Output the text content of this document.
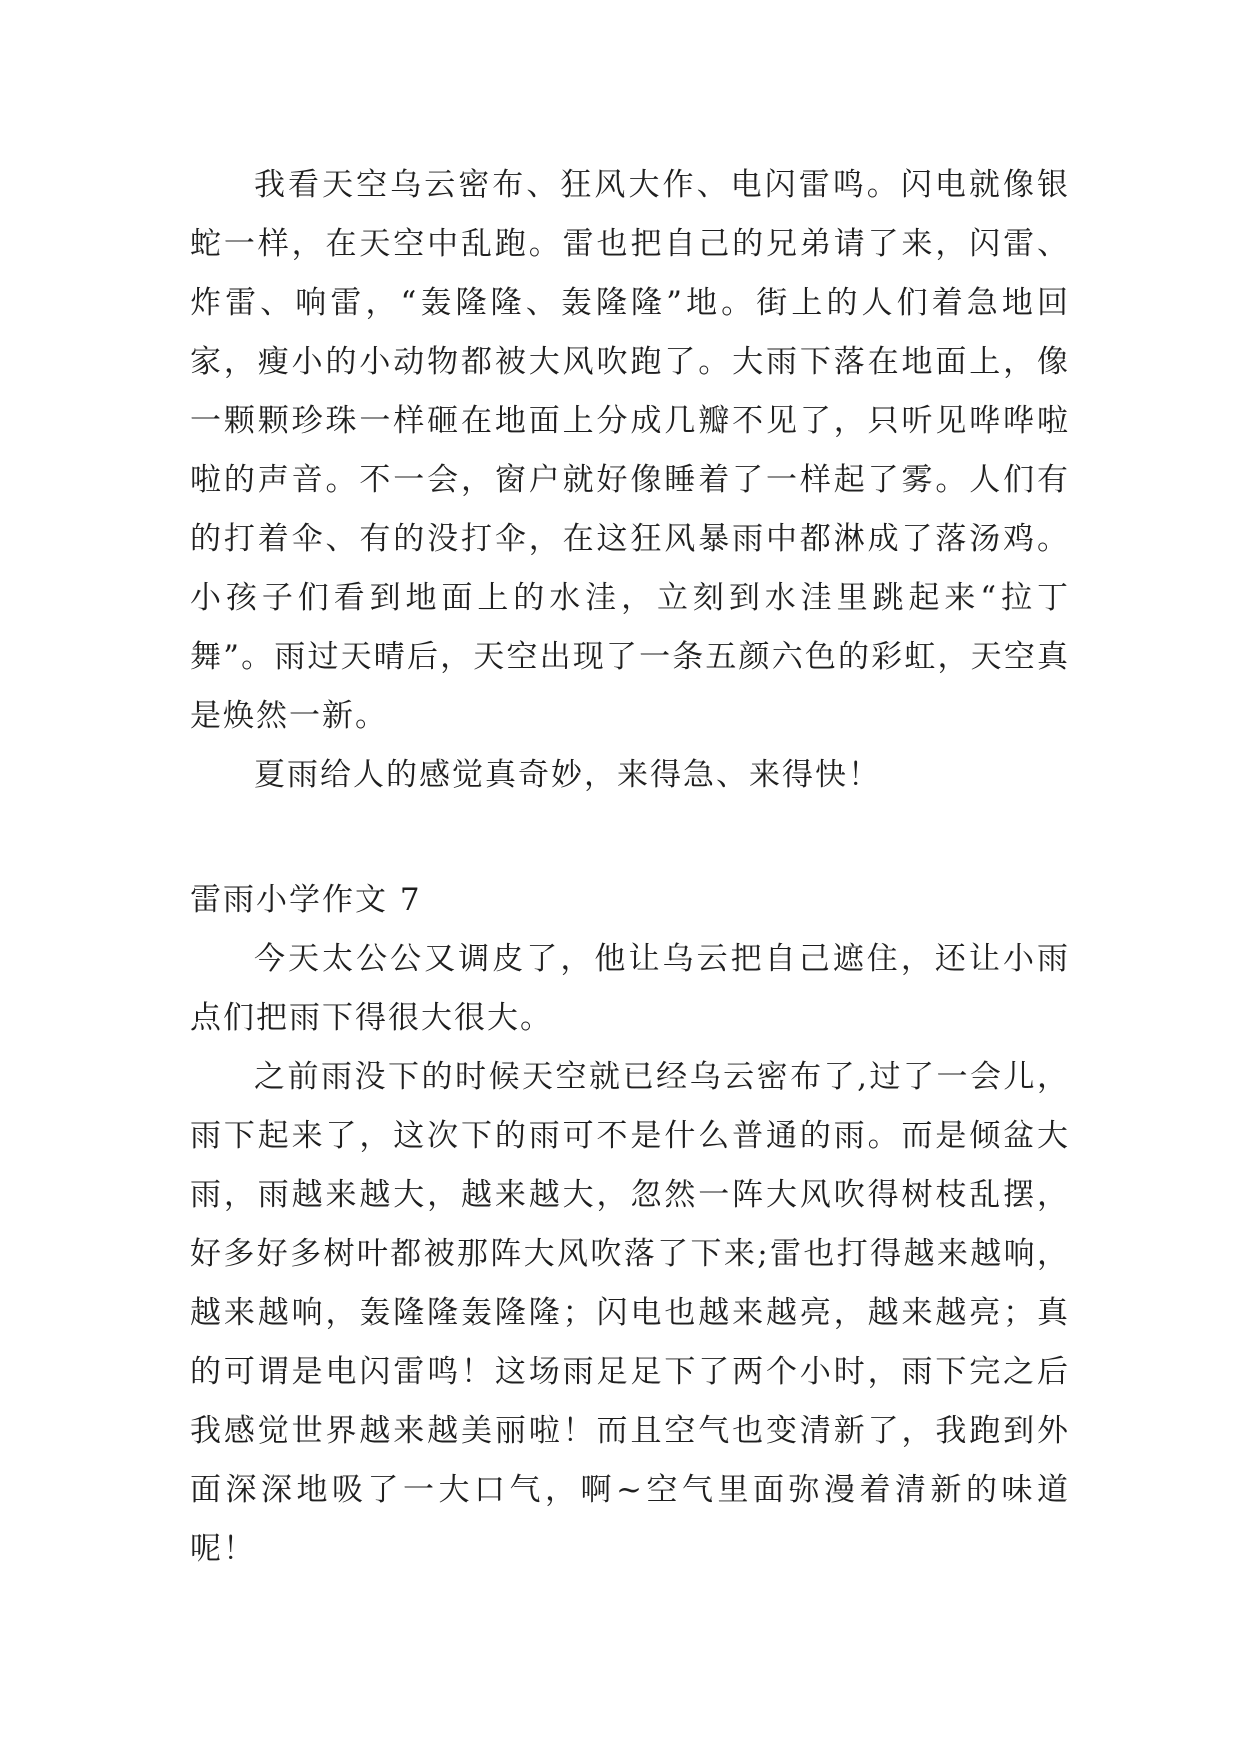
我看天空乌云密布、狂风大作、电闪雷鸣。闪电就像银蛇一样，在天空中乱跑。雷也把自己的兄弟请了来，闪雷、炸雷、响雷，“轰隆隆、轰隆隆”地。街上的人们着急地回家，瘦小的小动物都被大风吹跑了。大雨下落在地面上，像一颗颗珍珠一样砸在地面上分成几瓣不见了，只听见哗哗啦啦的声音。不一会，窗户就好像睡着了一样起了雾。人们有的打着伞、有的没打伞，在这狂风暴雨中都淋成了落汤鸡。小孩子们看到地面上的水洼，立刻到水洼里跳起来“拉丁舞”。雨过天晴后，天空出现了一条五颜六色的彩虹，天空真是焕然一新。

夏雨给人的感觉真奇妙，来得急、来得快！

雷雨小学作文 7

今天太公公又调皮了，他让乌云把自己遮住，还让小雨点们把雨下得很大很大。

之前雨没下的时候天空就已经乌云密布了,过了一会儿，雨下起来了，这次下的雨可不是什么普通的雨。而是倾盆大雨，雨越来越大，越来越大，忽然一阵大风吹得树枝乱摆，好多好多树叶都被那阵大风吹落了下来;雷也打得越来越响，越来越响，轰隆隆轰隆隆；闪电也越来越亮，越来越亮；真的可谓是电闪雷鸣！这场雨足足下了两个小时，雨下完之后我感觉世界越来越美丽啦！而且空气也变清新了，我跑到外面深深地吸了一大口气，啊~空气里面弥漫着清新的味道呢！
